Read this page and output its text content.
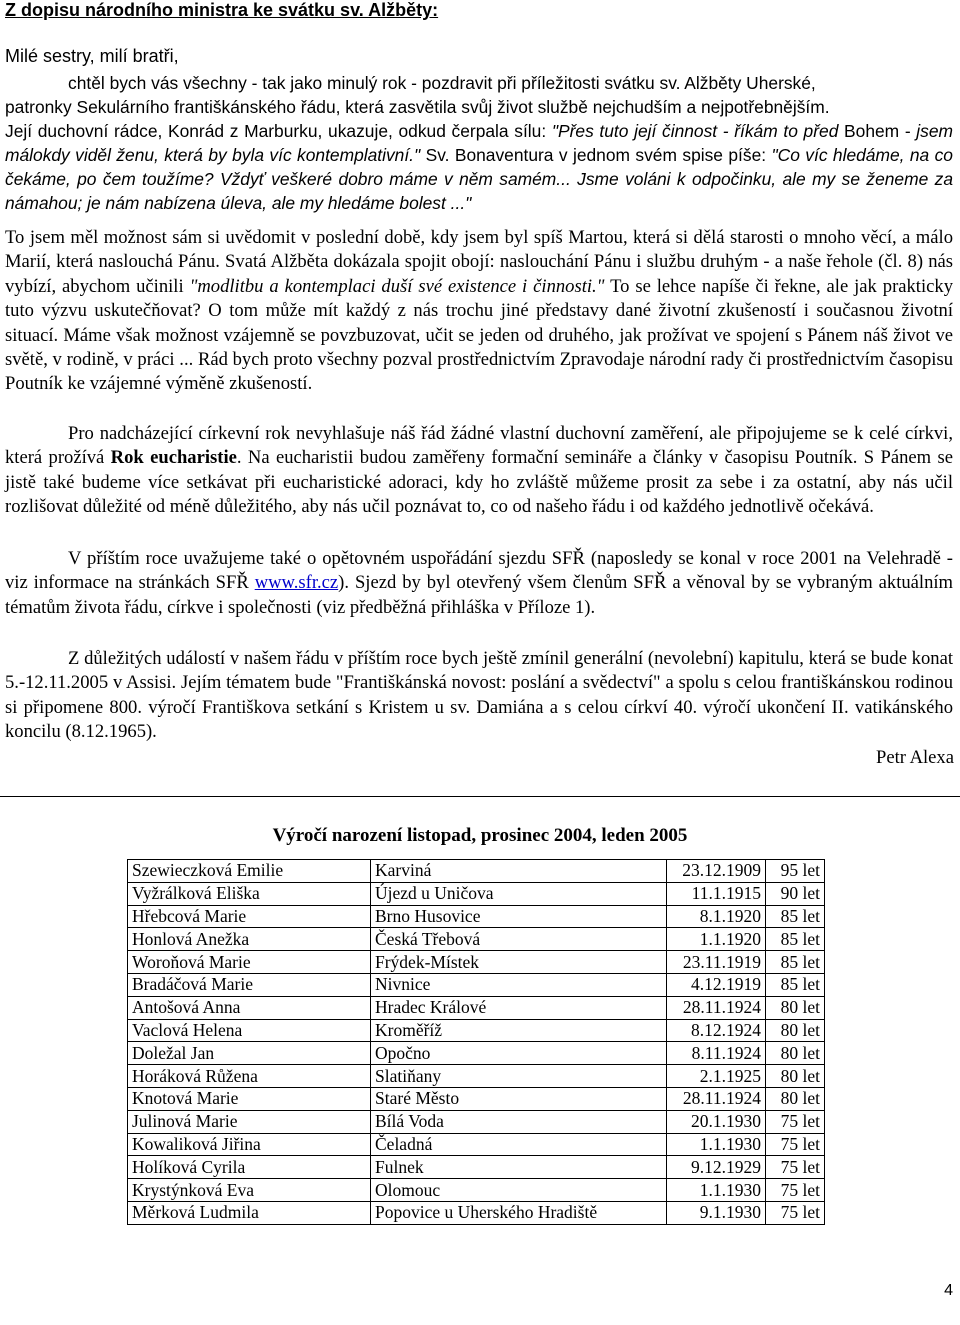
Z dopisu národního ministra ke svátku sv. Alžběty:
Milé sestry, milí bratři,
chtěl bych vás všechny - tak jako minulý rok - pozdravit při příležitosti svátku sv. Alžběty Uherské,
patronky Sekulárního františkánského řádu, která zasvětila svůj život službě nejchudším a nejpotřebnějším.
Její duchovní rádce, Konrád z Marburku, ukazuje, odkud čerpala sílu: "Přes tuto její činnost - říkám to před Bohem - jsem málokdy viděl ženu, která by byla víc kontemplativní." Sv. Bonaventura v jednom svém spise píše: "Co víc hledáme, na co čekáme, po čem toužíme? Vždyť veškeré dobro máme v něm samém... Jsme voláni k odpočinku, ale my se ženeme za námahou; je nám nabízena úleva, ale my hledáme bolest ..."
To jsem měl možnost sám si uvědomit v poslední době, kdy jsem byl spíš Martou, která si dělá starosti o mnoho věcí, a málo Marií, která naslouchá Pánu. Svatá Alžběta dokázala spojit obojí: naslouchání Pánu i službu druhým - a naše řehole (čl. 8) nás vybízí, abychom učinili "modlitbu a kontemplaci duší své existence i činnosti." To se lehce napíše či řekne, ale jak prakticky tuto výzvu uskutečňovat? O tom může mít každý z nás trochu jiné představy dané životní zkušeností i současnou životní situací. Máme však možnost vzájemně se povzbuzovat, učit se jeden od druhého, jak prožívat ve spojení s Pánem náš život ve světě, v rodině, v práci ... Rád bych proto všechny pozval prostřednictvím Zpravodaje národní rady či prostřednictvím časopisu Poutník ke vzájemné výměně zkušeností.
Pro nadcházející církevní rok nevyhlašuje náš řád žádné vlastní duchovní zaměření, ale připojujeme se k celé církvi, která prožívá Rok eucharistie. Na eucharistii budou zaměřeny formační semináře a články v časopisu Poutník. S Pánem se jistě také budeme více setkávat při eucharistické adoraci, kdy ho zvláště můžeme prosit za sebe i za ostatní, aby nás učil rozlišovat důležité od méně důležitého, aby nás učil poznávat to, co od našeho řádu i od každého jednotlivě očekává.
V příštím roce uvažujeme také o opětovném uspořádání sjezdu SFŘ (naposledy se konal v roce 2001 na Velehradě - viz informace na stránkách SFŘ www.sfr.cz). Sjezd by byl otevřený všem členům SFŘ a věnoval by se vybraným aktuálním tématům života řádu, církve i společnosti (viz předběžná přihláška v Příloze 1).
Z důležitých událostí v našem řádu v příštím roce bych ještě zmínil generální (nevolební) kapitulu, která se bude konat 5.-12.11.2005 v Assisi. Jejím tématem bude "Františkánská novost: poslání a svědectví" a spolu s celou františkánskou rodinou si připomene 800. výročí Františkova setkání s Kristem u sv. Damiána a s celou církví 40. výročí ukončení II. vatikánského koncilu (8.12.1965).
Petr Alexa
Výročí narození listopad, prosinec 2004, leden 2005
Szewieczková Emilie	Karviná	23.12.1909	95 let
Vyžrálková Eliška	Újezd u Uničova	11.1.1915	90 let
Hřebcová Marie	Brno Husovice	8.1.1920	85 let
Honlová Anežka	Česká Třebová	1.1.1920	85 let
Woroňová Marie	Frýdek-Místek	23.11.1919	85 let
Bradáčová Marie	Nivnice	4.12.1919	85 let
Antošová Anna	Hradec Králové	28.11.1924	80 let
Vaclová Helena	Kroměříž	8.12.1924	80 let
Doležal Jan	Opočno	8.11.1924	80 let
Horáková Růžena	Slatiňany	2.1.1925	80 let
Knotová Marie	Staré Město	28.11.1924	80 let
Julinová Marie	Bílá Voda	20.1.1930	75 let
Kowaliková Jiřina	Čeladná	1.1.1930	75 let
Holíková Cyrila	Fulnek	9.12.1929	75 let
Krystýnková Eva	Olomouc	1.1.1930	75 let
Měrková Ludmila	Popovice u Uherského Hradiště	9.1.1930	75 let
4
